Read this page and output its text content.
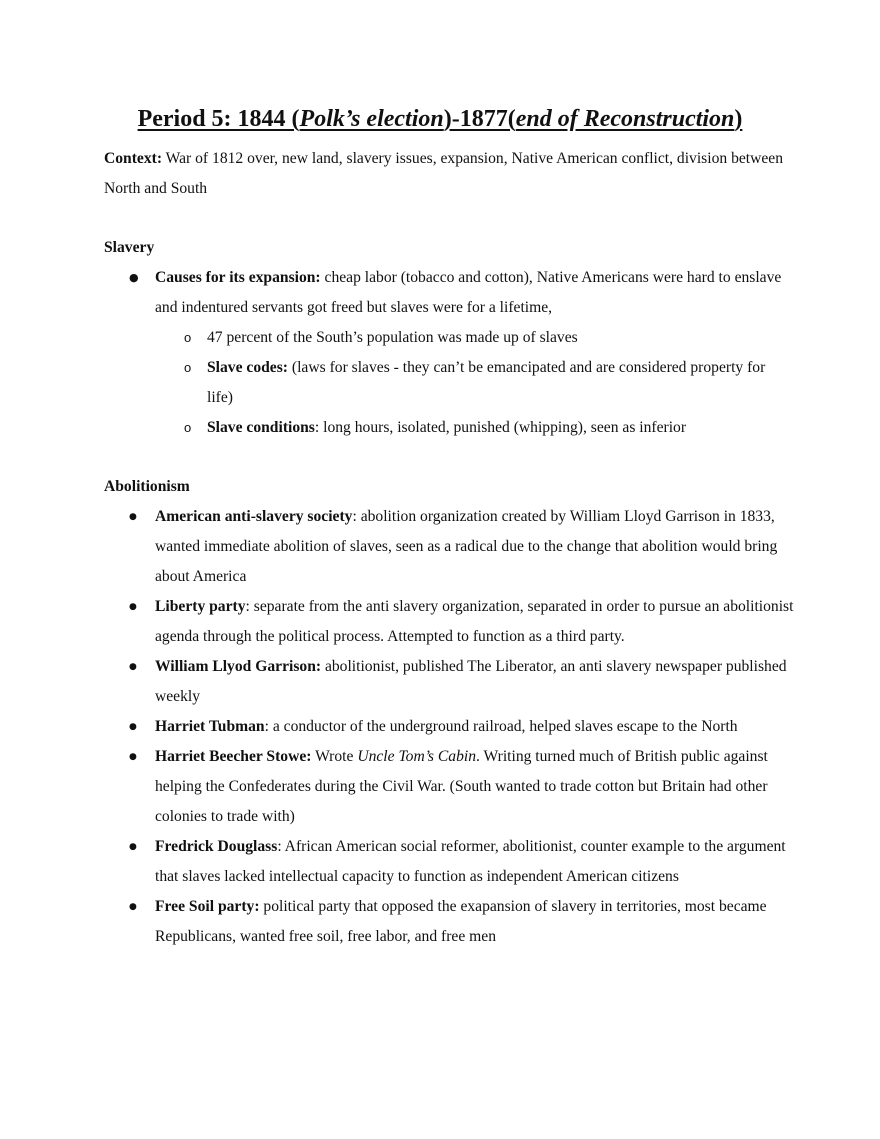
Period 5: 1844 (Polk’s election)-1877(end of Reconstruction)

Context: War of 1812 over, new land, slavery issues, expansion, Native American conflict, division between North and South

Slavery
● Causes for its expansion: cheap labor (tobacco and cotton), Native Americans were hard to enslave and indentured servants got freed but slaves were for a lifetime,
o 47 percent of the South’s population was made up of slaves
o Slave codes: (laws for slaves - they can’t be emancipated and are considered property for life)
o Slave conditions: long hours, isolated, punished (whipping), seen as inferior
Abolitionism
● American anti-slavery society: abolition organization created by William Lloyd Garrison in 1833, wanted immediate abolition of slaves, seen as a radical due to the change that abolition would bring about America
● Liberty party: separate from the anti slavery organization, separated in order to pursue an abolitionist agenda through the political process. Attempted to function as a third party.
● William Llyod Garrison: abolitionist, published The Liberator, an anti slavery newspaper published weekly
● Harriet Tubman: a conductor of the underground railroad, helped slaves escape to the North
● Harriet Beecher Stowe: Wrote Uncle Tom’s Cabin. Writing turned much of British public against helping the Confederates during the Civil War. (South wanted to trade cotton but Britain had other colonies to trade with)
● Fredrick Douglass: African American social reformer, abolitionist, counter example to the argument that slaves lacked intellectual capacity to function as independent American citizens
● Free Soil party: political party that opposed the exapansion of slavery in territories, most became Republicans, wanted free soil, free labor, and free men
